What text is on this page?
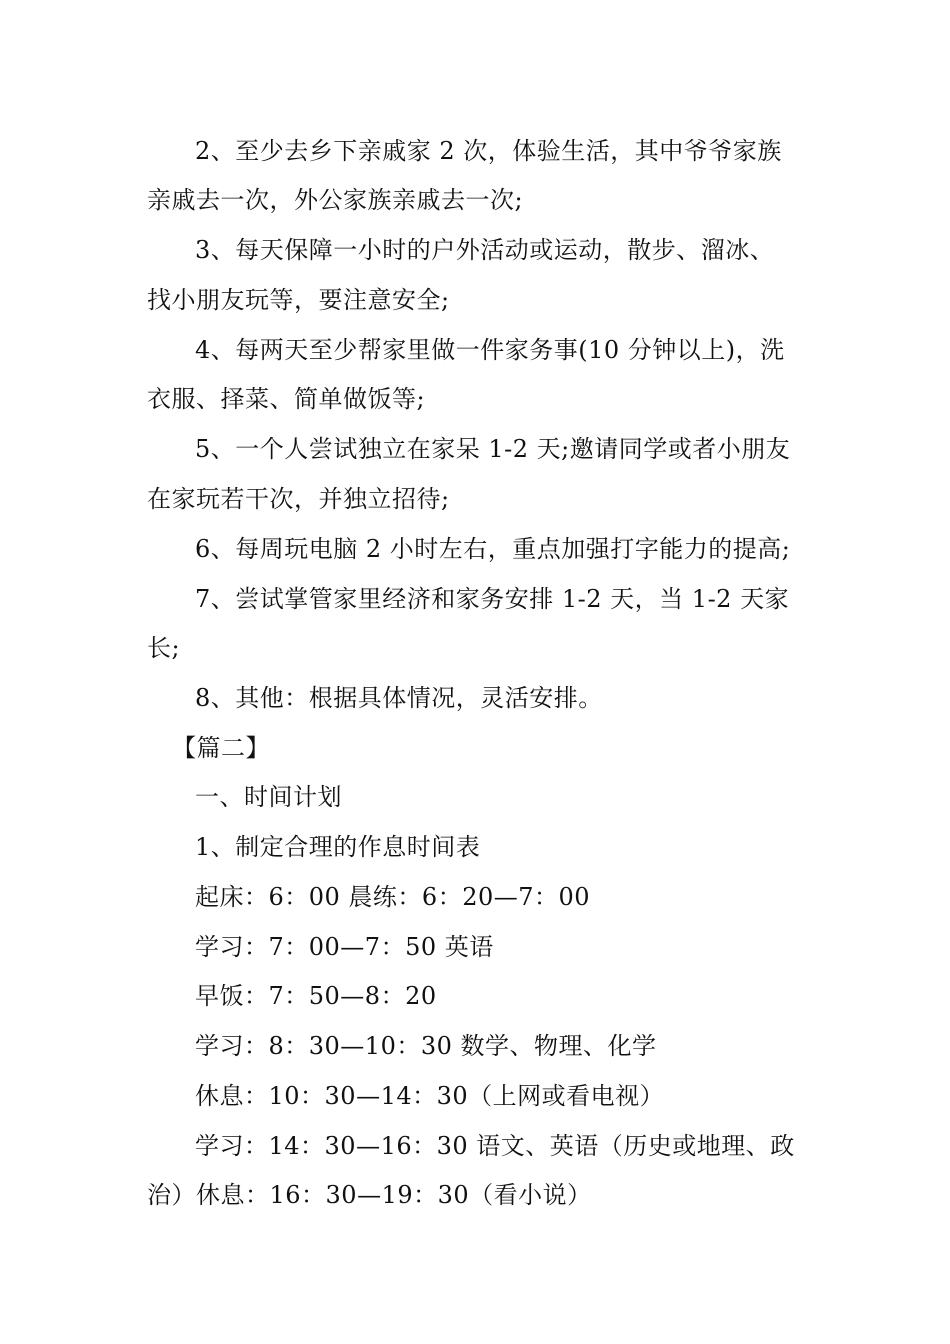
2、至少去乡下亲戚家 2 次，体验生活，其中爷爷家族
亲戚去一次，外公家族亲戚去一次;
3、每天保障一小时的户外活动或运动，散步、溜冰、
找小朋友玩等，要注意安全;
4、每两天至少帮家里做一件家务事(10 分钟以上)，洗
衣服、择菜、简单做饭等;
5、一个人尝试独立在家呆 1-2 天;邀请同学或者小朋友
在家玩若干次，并独立招待;
6、每周玩电脑 2 小时左右，重点加强打字能力的提高;
7、尝试掌管家里经济和家务安排 1-2 天，当 1-2 天家
长;
8、其他：根据具体情况，灵活安排。
【篇二】
一、时间计划
1、制定合理的作息时间表
起床：6：00 晨练：6：20—7：00
学习：7：00—7：50 英语
早饭：7：50—8：20
学习：8：30—10：30 数学、物理、化学
休息：10：30—14：30（上网或看电视）
学习：14：30—16：30 语文、英语（历史或地理、政
治）休息：16：30—19：30（看小说）
